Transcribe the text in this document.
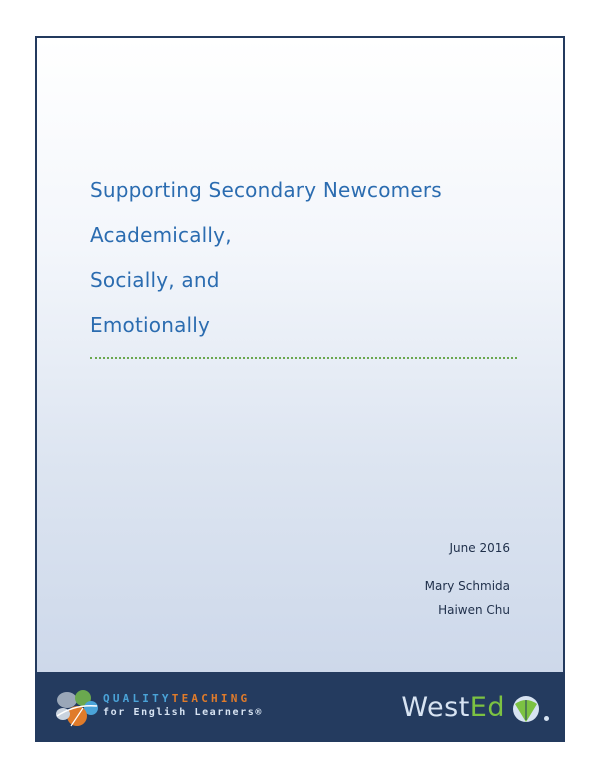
Supporting Secondary Newcomers
Academically,
Socially, and
Emotionally
June 2016
Mary Schmida
Haiwen Chu
QUALITYTEACHING
for English Learners®	WestEd
